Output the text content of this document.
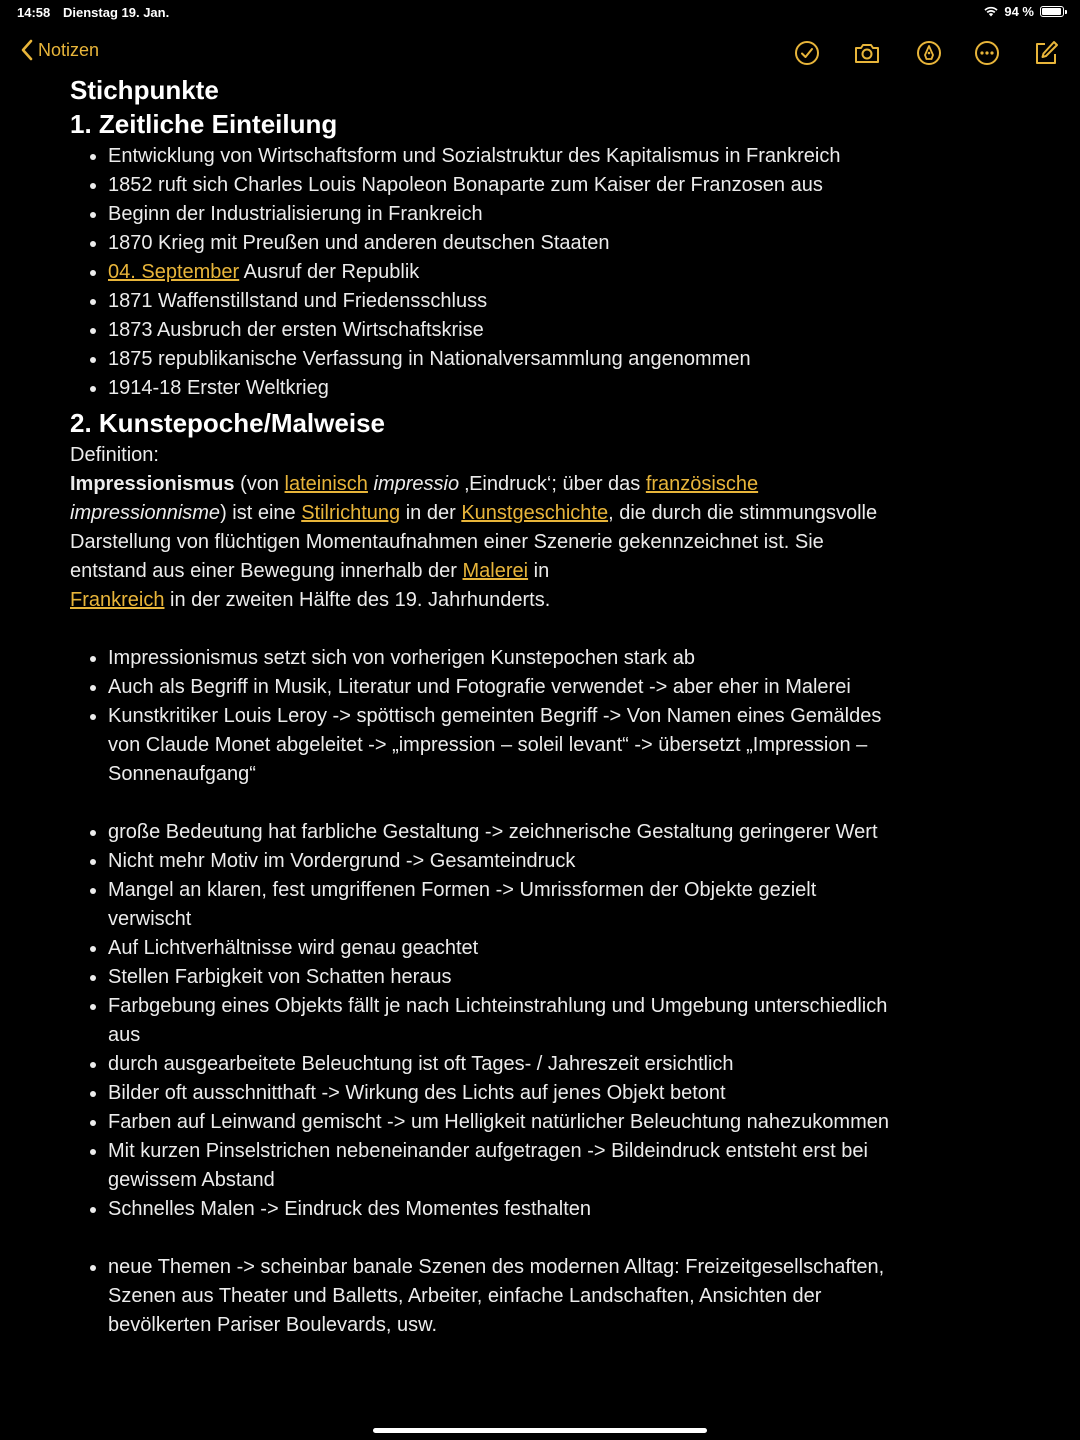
14:58 Dienstag 19. Jan.	94 %
Notizen
Stichpunkte
1. Zeitliche Einteilung
• Entwicklung von Wirtschaftsform und Sozialstruktur des Kapitalismus in Frankreich
• 1852 ruft sich Charles Louis Napoleon Bonaparte zum Kaiser der Franzosen aus
• Beginn der Industrialisierung in Frankreich
• 1870 Krieg mit Preußen und anderen deutschen Staaten
• 04. September Ausruf der Republik
• 1871 Waffenstillstand und Friedensschluss
• 1873 Ausbruch der ersten Wirtschaftskrise
• 1875 republikanische Verfassung in Nationalversammlung angenommen
• 1914-18 Erster Weltkrieg
2. Kunstepoche/Malweise

Definition:

Impressionismus (von lateinisch impressio ‚Eindruck‘; über das französische
impressionnisme) ist eine Stilrichtung in der Kunstgeschichte, die durch die stimmungsvolle Darstellung von flüchtigen Momentaufnahmen einer Szenerie gekennzeichnet ist. Sie entstand aus einer Bewegung innerhalb der Malerei in
Frankreich in der zweiten Hälfte des 19. Jahrhunderts.

• Impressionismus setzt sich von vorherigen Kunstepochen stark ab
• Auch als Begriff in Musik, Literatur und Fotografie verwendet -> aber eher in Malerei
• Kunstkritiker Louis Leroy -> spöttisch gemeinten Begriff -> Von Namen eines Gemäldes von Claude Monet abgeleitet -> „impression – soleil levant“ -> übersetzt „Impression – Sonnenaufgang“
• große Bedeutung hat farbliche Gestaltung -> zeichnerische Gestaltung geringerer Wert
• Nicht mehr Motiv im Vordergrund -> Gesamteindruck
• Mangel an klaren, fest umgriffenen Formen -> Umrissformen der Objekte gezielt verwischt
• Auf Lichtverhältnisse wird genau geachtet
• Stellen Farbigkeit von Schatten heraus
• Farbgebung eines Objekts fällt je nach Lichteinstrahlung und Umgebung unterschiedlich aus
• durch ausgearbeitete Beleuchtung ist oft Tages- / Jahreszeit ersichtlich
• Bilder oft ausschnitthaft -> Wirkung des Lichts auf jenes Objekt betont
• Farben auf Leinwand gemischt -> um Helligkeit natürlicher Beleuchtung nahezukommen
• Mit kurzen Pinselstrichen nebeneinander aufgetragen -> Bildeindruck entsteht erst bei gewissem Abstand
• Schnelles Malen -> Eindruck des Momentes festhalten
• neue Themen -> scheinbar banale Szenen des modernen Alltag: Freizeitgesellschaften, Szenen aus Theater und Balletts, Arbeiter, einfache Landschaften, Ansichten der bevölkerten Pariser Boulevards, usw.
